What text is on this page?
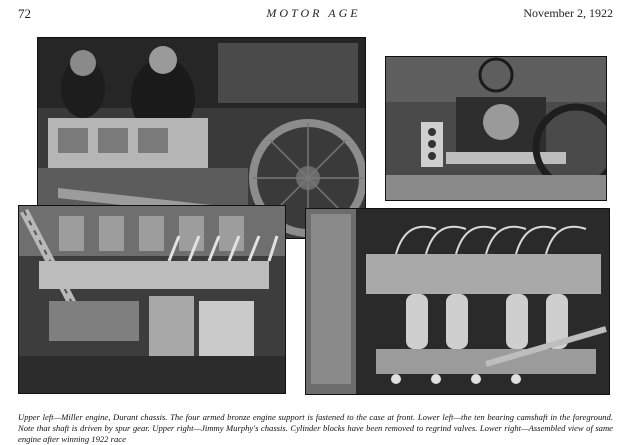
72	MOTOR AGE	November 2, 1922

Upper left—Miller engine, Durant chassis. The four armed bronze engine support is fastened to the case at front. Lower left—the ten bearing camshaft in the foreground. Note that shaft is driven by spur gear. Upper right—Jimmy Murphy's chassis. Cylinder blocks have been removed to regrind valves. Lower right—Assembled view of same engine after winning 1922 race
